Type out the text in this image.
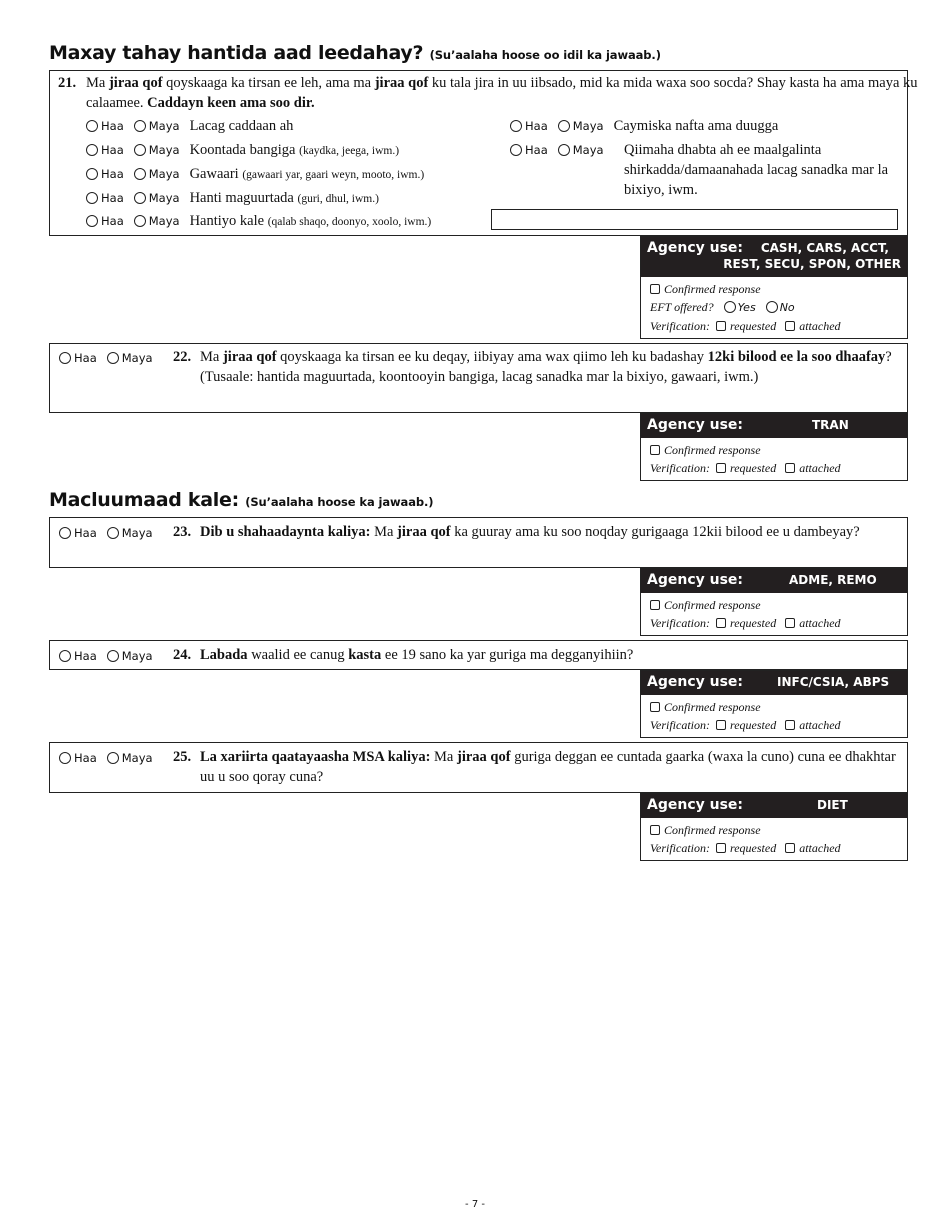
Maxay tahay hantida aad leedahay? (Su’aalaha hoose oo idil ka jawaab.)
21. Ma jiraa qof qoyskaaga ka tirsan ee leh, ama ma jiraa qof ku tala jira in uu iibsado, mid ka mida waxa soo socda? Shay kasta ha ama maya ku calaamee. Caddayn keen ama soo dir.
Haa Maya Lacag caddaan ah
Haa Maya Koontada bangiga (kaydka, jeega, iwm.)
Haa Maya Gawaari (gawaari yar, gaari weyn, mooto, iwm.)
Haa Maya Hanti maguurtada (guri, dhul, iwm.)
Haa Maya Hantiyo kale (qalab shaqo, doonyo, xoolo, iwm.)
Haa Maya Caymiska nafta ama duugga
Haa Maya	Qiimaha dhabta ah ee maalgalinta shirkadda/damaanahada lacag sanadka mar la bixiyo, iwm.
Agency use: CASH, CARS, ACCT,
REST, SECU, SPON, OTHER
Confirmed response
EFT offered? Yes No
Verification: requested attached
Haa Maya	22. Ma jiraa qof qoyskaaga ka tirsan ee ku deqay, iibiyay ama wax qiimo leh ku badashay 12ki bilood ee la soo dhaafay? (Tusaale: hantida maguurtada, koontooyin bangiga, lacag sanadka mar la bixiyo, gawaari, iwm.)
Agency use:	TRAN
Confirmed response
Verification: requested attached
Macluumaad kale: (Su’aalaha hoose ka jawaab.)
Haa Maya	23. Dib u shahaadaynta kaliya: Ma jiraa qof ka guuray ama ku soo noqday gurigaaga 12kii bilood ee u dambeyay?
Agency use:	ADME, REMO
Confirmed response
Verification: requested attached
Haa Maya	24. Labada waalid ee canug kasta ee 19 sano ka yar guriga ma degganyihiin?
Agency use:	INFC/CSIA, ABPS
Confirmed response
Verification: requested attached
Haa Maya	25. La xariirta qaatayaasha MSA kaliya: Ma jiraa qof guriga deggan ee cuntada gaarka (waxa la cuno) cuna ee dhakhtar uu u soo qoray cuna?
Agency use:	DIET
Confirmed response
Verification: requested attached
- 7 -
